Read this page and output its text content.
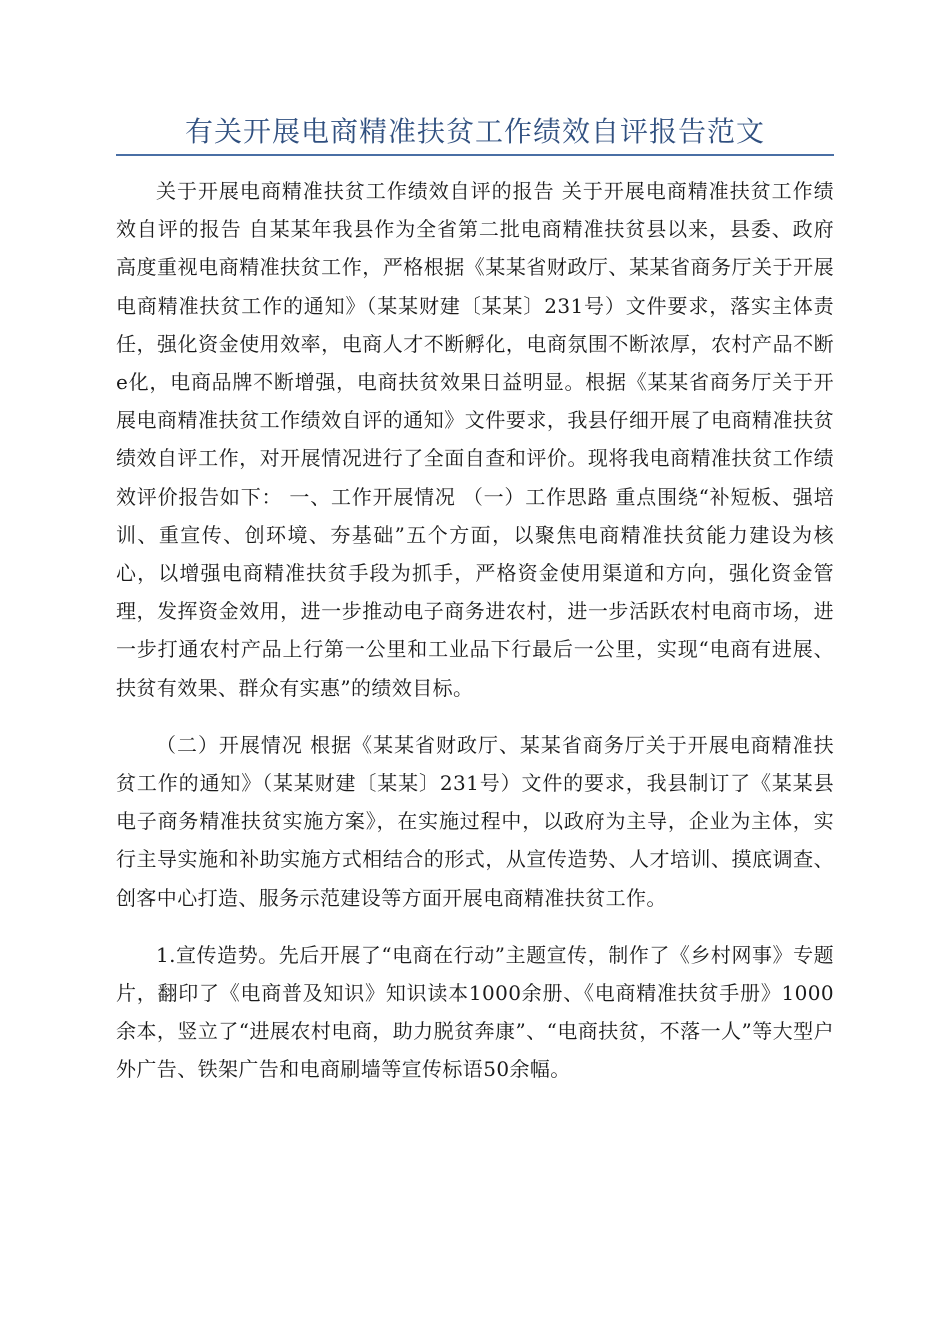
有关开展电商精准扶贫工作绩效自评报告范文

关于开展电商精准扶贫工作绩效自评的报告 关于开展电商精准扶贫工作绩效自评的报告 自某某年我县作为全省第二批电商精准扶贫县以来，县委、政府高度重视电商精准扶贫工作，严格根据《某某省财政厅、某某省商务厅关于开展电商精准扶贫工作的通知》（某某财建〔某某〕231号）文件要求，落实主体责任，强化资金使用效率，电商人才不断孵化，电商氛围不断浓厚，农村产品不断e化，电商品牌不断增强，电商扶贫效果日益明显。根据《某某省商务厅关于开展电商精准扶贫工作绩效自评的通知》文件要求，我县仔细开展了电商精准扶贫绩效自评工作，对开展情况进行了全面自查和评价。现将我电商精准扶贫工作绩效评价报告如下： 一、工作开展情况 （一）工作思路 重点围绕“补短板、强培训、重宣传、创环境、夯基础”五个方面，以聚焦电商精准扶贫能力建设为核心，以增强电商精准扶贫手段为抓手，严格资金使用渠道和方向，强化资金管理，发挥资金效用，进一步推动电子商务进农村，进一步活跃农村电商市场，进一步打通农村产品上行第一公里和工业品下行最后一公里，实现“电商有进展、扶贫有效果、群众有实惠”的绩效目标。

（二）开展情况 根据《某某省财政厅、某某省商务厅关于开展电商精准扶贫工作的通知》（某某财建〔某某〕231号）文件的要求，我县制订了《某某县电子商务精准扶贫实施方案》，在实施过程中，以政府为主导，企业为主体，实行主导实施和补助实施方式相结合的形式，从宣传造势、人才培训、摸底调查、创客中心打造、服务示范建设等方面开展电商精准扶贫工作。

1.宣传造势。先后开展了“电商在行动”主题宣传，制作了《乡村网事》专题片，翻印了《电商普及知识》知识读本1000余册、《电商精准扶贫手册》1000余本，竖立了“进展农村电商，助力脱贫奔康”、“电商扶贫，不落一人”等大型户外广告、铁架广告和电商刷墙等宣传标语50余幅。
